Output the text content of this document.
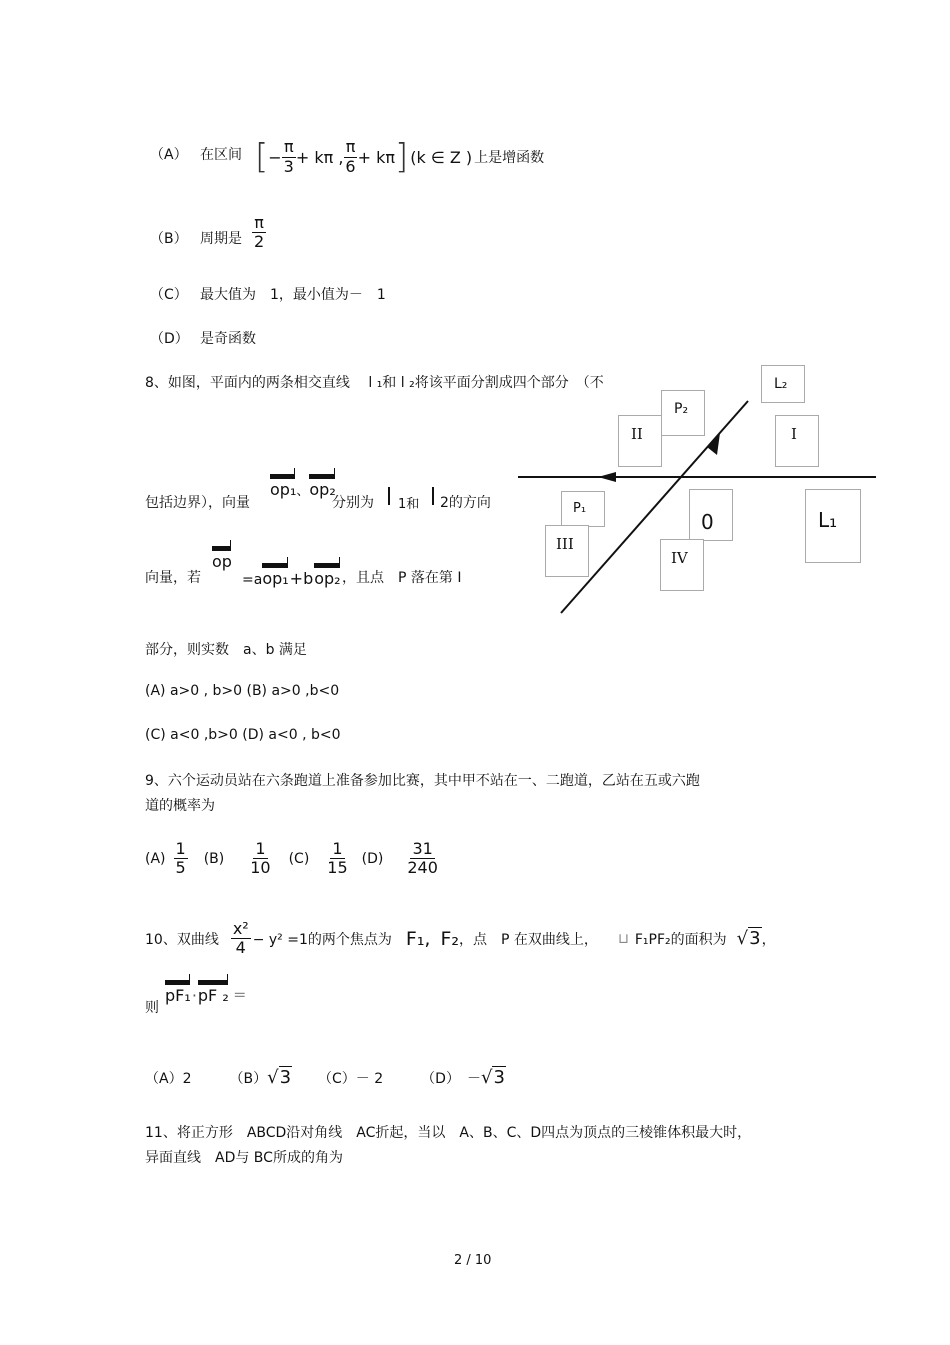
（A） 在区间 [ − $\frac{\pi}{3} + k\pi$ , $\frac{\pi}{6} + k\pi$ ] (k ∈ Z ) 上是增函数
（B） 周期是 $\frac{\pi}{2}$
（C） 最大值为　1，最小值为－　1
（D） 是奇函数
8、如图，平面内的两条相交直线　 l ₁和 l ₂将该平面分割成四个部分　（不
包括边界），向量
op₁ 、 op₂
分别为 1和 2的方向
向量，若
op
=a op₁ +b op₂ ，且点　P 落在第 I
部分，则实数　a、b 满足
(A) a>0 , b>0 (B) a>0 ,b<0
(C) a<0 ,b>0 (D) a<0 , b<0
L₂
P₂
II	I
P₁
0	L₁
III
IV
9、六个运动员站在六条跑道上准备参加比赛，其中甲不站在一、二跑道，乙站在五或六跑
道的概率为
$(A) \frac{1}{5} (B) \frac{1}{10} (C) \frac{1}{15} (D) \frac{31}{240}$
10、双曲线 $\frac{\text{x²}}{4} - y^2 =1$的两个焦点为 F₁, F₂ ，点　P 在双曲线上， ⊔ F₁PF₂的面积为 √3 ，
则
pF₁ ⋅ pF ₂ ＝
（A）2	（B） √3 （C）－ 2	（D）　－ √3
11、将正方形　ABCD沿对角线　AC折起，当以　A、B、C、D四点为顶点的三棱锥体积最大时，
异面直线　AD与 BC所成的角为
2 / 10
